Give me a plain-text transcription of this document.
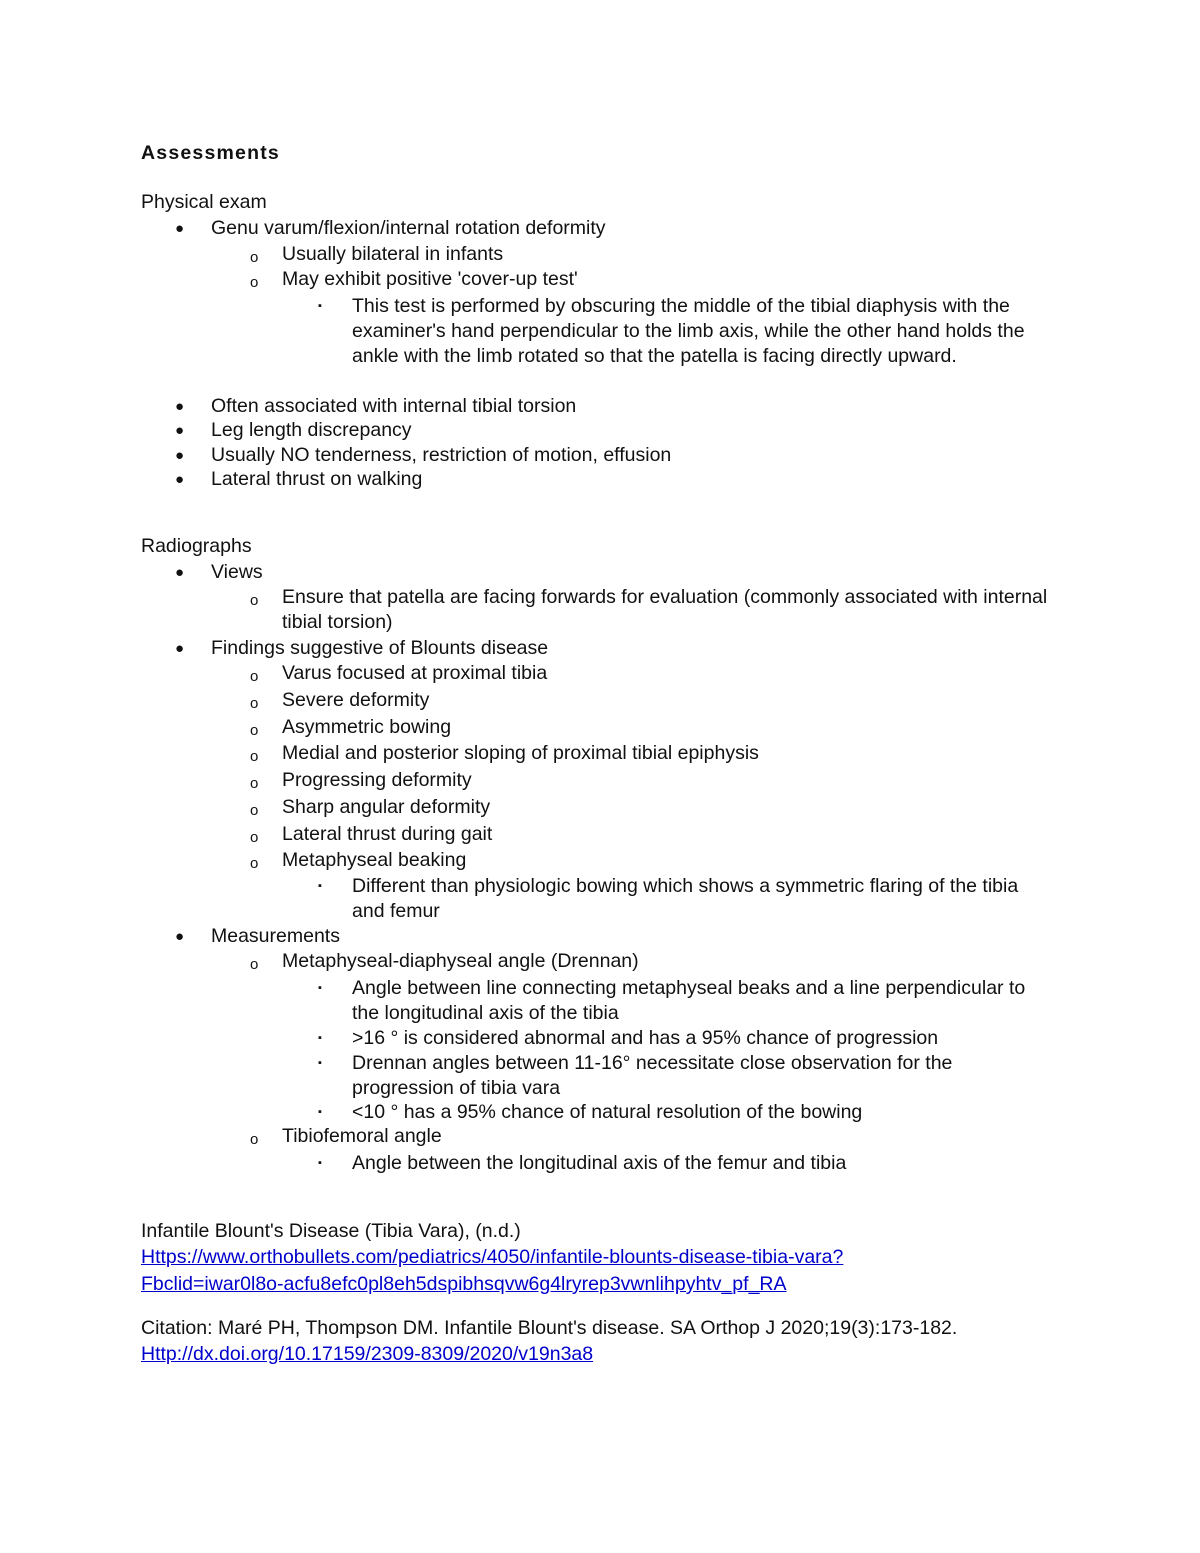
Assessments
Physical exam
● Genu varum/flexion/internal rotation deformity
o Usually bilateral in infants
o May exhibit positive 'cover-up test'
▪ This test is performed by obscuring the middle of the tibial diaphysis with the examiner's hand perpendicular to the limb axis, while the other hand holds the ankle with the limb rotated so that the patella is facing directly upward.
● Often associated with internal tibial torsion
● Leg length discrepancy
● Usually NO tenderness, restriction of motion, effusion
● Lateral thrust on walking
Radiographs
● Views
o Ensure that patella are facing forwards for evaluation (commonly associated with internal tibial torsion)
● Findings suggestive of Blounts disease
o Varus focused at proximal tibia
o Severe deformity
o Asymmetric bowing
o Medial and posterior sloping of proximal tibial epiphysis
o Progressing deformity
o Sharp angular deformity
o Lateral thrust during gait
o Metaphyseal beaking
▪ Different than physiologic bowing which shows a symmetric flaring of the tibia and femur
● Measurements
o Metaphyseal-diaphyseal angle (Drennan)
▪ Angle between line connecting metaphyseal beaks and a line perpendicular to the longitudinal axis of the tibia
▪ >16 ° is considered abnormal and has a 95% chance of progression
▪ Drennan angles between 11-16° necessitate close observation for the progression of tibia vara
▪ <10 ° has a 95% chance of natural resolution of the bowing
o Tibiofemoral angle
▪ Angle between the longitudinal axis of the femur and tibia
Infantile Blount's Disease (Tibia Vara), (n.d.)
Https://www.orthobullets.com/pediatrics/4050/infantile-blounts-disease-tibia-vara?
Fbclid=iwar0l8o-acfu8efc0pl8eh5dspibhsqvw6g4lryrep3vwnlihpyhtv_pf_RA
Citation: Maré PH, Thompson DM. Infantile Blount's disease. SA Orthop J 2020;19(3):173-182.
Http://dx.doi.org/10.17159/2309-8309/2020/v19n3a8
